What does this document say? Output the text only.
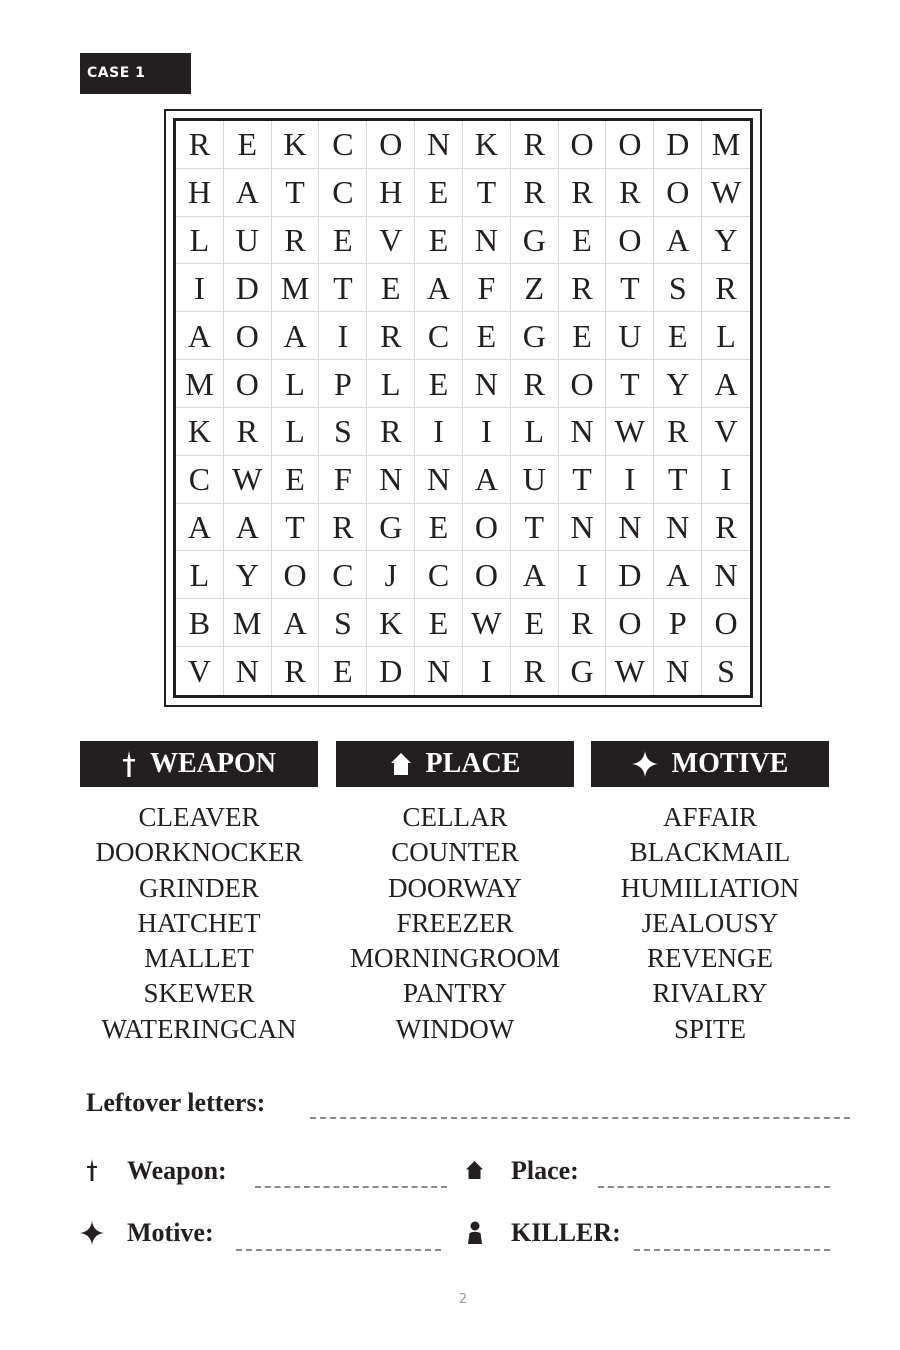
CASE 1
R E K C O N K R O O D M
H A T C H E T R R R O W
L U R E V E N G E O A Y
I D M T E A F Z R T S R
A O A I R C E G E U E L
M O L P L E N R O T Y A
K R L S R I	I	L N W R V
C W E F N N A U T	I	T	I
A A T R G E O T N N N R
L Y O C J C O A I D A N
B M A S K E W E R O P O
V N R E D N I R G W N S
WEAPON	PLACE	MOTIVE
CLEAVER
DOORKNOCKER
GRINDER
HATCHET
MALLET
SKEWER
WATERINGCAN
CELLAR
COUNTER
DOORWAY
FREEZER
MORNINGROOM
PANTRY
WINDOW
AFFAIR
BLACKMAIL
HUMILIATION
JEALOUSY
REVENGE
RIVALRY
SPITE
Leftover letters:
Weapon:	Place:
Motive:	KILLER:
2
